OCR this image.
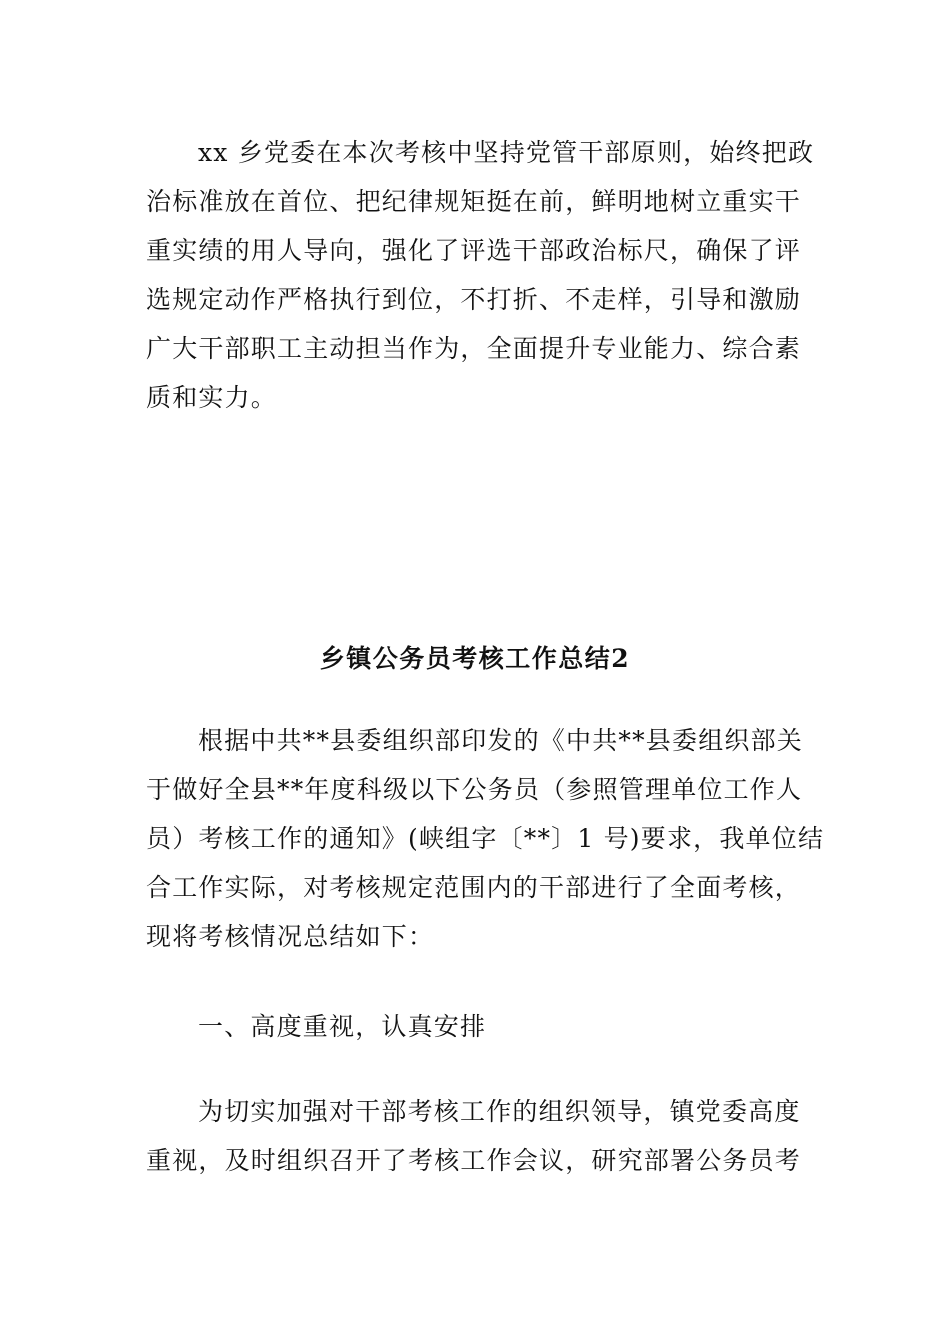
xx 乡党委在本次考核中坚持党管干部原则，始终把政
治标准放在首位、把纪律规矩挺在前，鲜明地树立重实干
重实绩的用人导向，强化了评选干部政治标尺，确保了评
选规定动作严格执行到位，不打折、不走样，引导和激励
广大干部职工主动担当作为，全面提升专业能力、综合素
质和实力。
乡镇公务员考核工作总结2
根据中共**县委组织部印发的《中共**县委组织部关
于做好全县**年度科级以下公务员（参照管理单位工作人
员）考核工作的通知》(峡组字〔**〕1 号)要求，我单位结
合工作实际，对考核规定范围内的干部进行了全面考核，
现将考核情况总结如下：
一、高度重视，认真安排
为切实加强对干部考核工作的组织领导，镇党委高度
重视，及时组织召开了考核工作会议，研究部署公务员考
